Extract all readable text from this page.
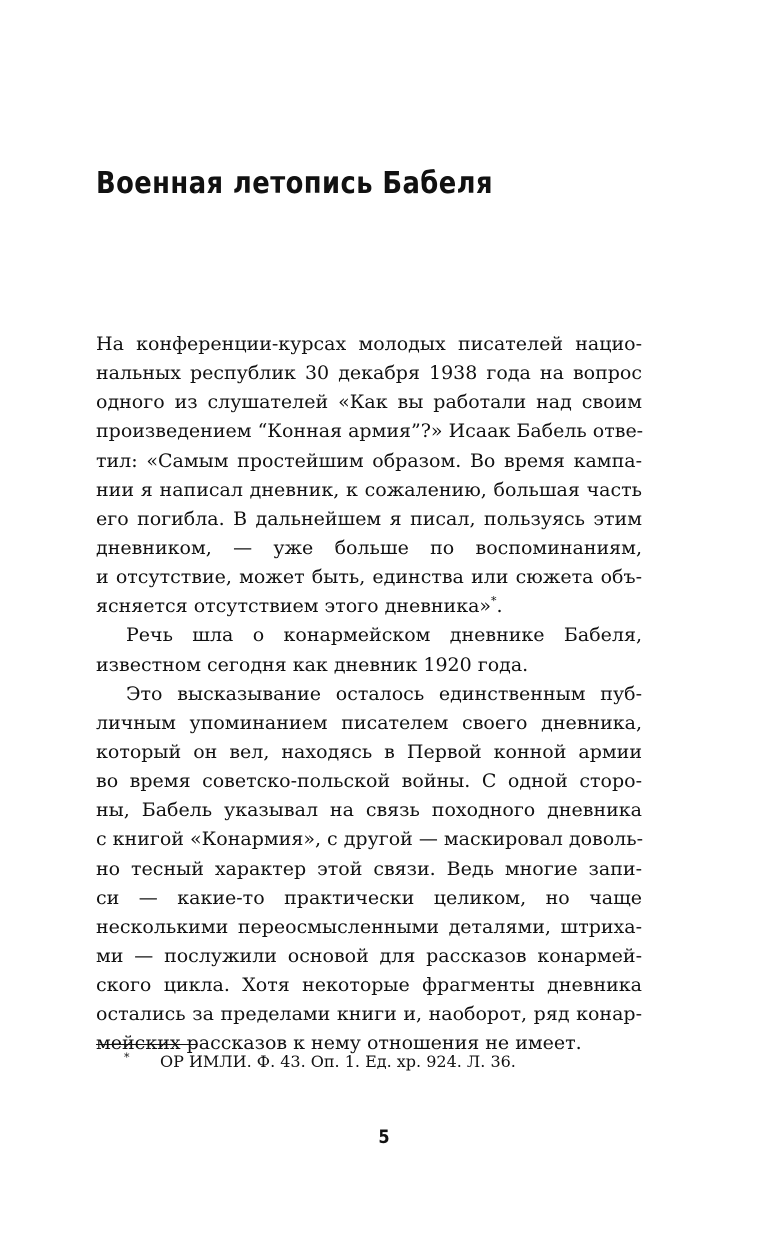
Военная летопись Бабеля
На конференции-курсах молодых писателей нацио-
нальных республик 30 декабря 1938 года на вопрос
одного из слушателей «Как вы работали над своим
произведением “Конная армия”?» Исаак Бабель отве-
тил: «Самым простейшим образом. Во время кампа-
нии я написал дневник, к сожалению, большая часть
его погибла. В дальнейшем я писал, пользуясь этим
дневником, — уже больше по воспоминаниям,
и отсутствие, может быть, единства или сюжета объ-
ясняется отсутствием этого дневника»*.
Речь шла о конармейском дневнике Бабеля,
известном сегодня как дневник 1920 года.
Это высказывание осталось единственным пуб-
личным упоминанием писателем своего дневника,
который он вел, находясь в Первой конной армии
во время советско-польской войны. С одной сторо-
ны, Бабель указывал на связь походного дневника
с книгой «Конармия», с другой — маскировал доволь-
но тесный характер этой связи. Ведь многие запи-
си — какие-то практически целиком, но чаще
несколькими переосмысленными деталями, штриха-
ми — послужили основой для рассказов конармей-
ского цикла. Хотя некоторые фрагменты дневника
остались за пределами книги и, наоборот, ряд конар-
мейских рассказов к нему отношения не имеет.
* ОР ИМЛИ. Ф. 43. Оп. 1. Ед. хр. 924. Л. 36.
5
